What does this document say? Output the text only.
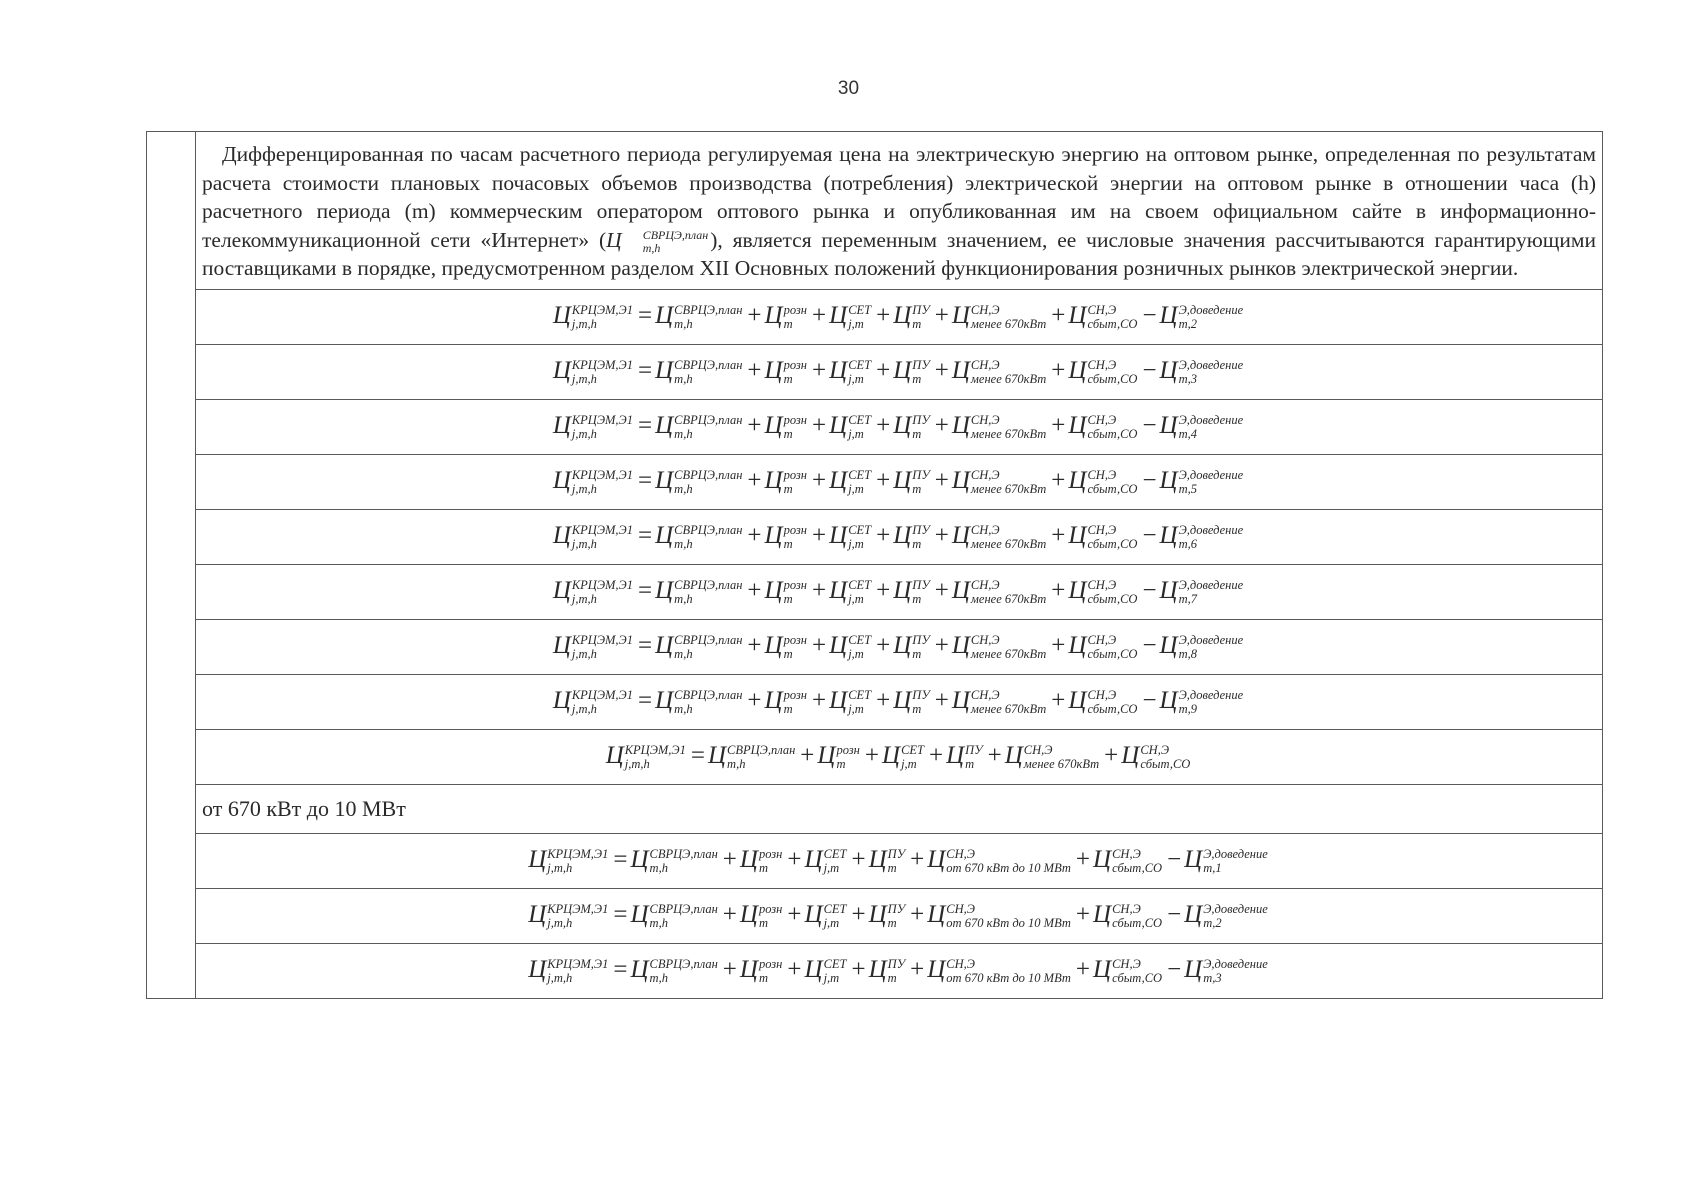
30

Дифференцированная по часам расчетного периода регулируемая цена на электрическую энергию на оптовом рынке, определенная по результатам расчета стоимости плановых почасовых объемов производства (потребления) электрической энергии на оптовом рынке в отношении часа (h) расчетного периода (m) коммерческим оператором оптового рынка и опубликованная им на своем официальном сайте в информационно-телекоммуникационной сети «Интернет» (Ц	СВРЦЭ,план
m,h	), является переменным значением, ее числовые значения рассчитываются гарантирующими поставщиками в порядке, предусмотренном разделом XII Основных положений функционирования розничных рынков электрической энергии.

Ц КРЦЭМ,Э1
j,m,h	= Ц СВРЦЭ,план
m,h	+ Ц розн
m + Ц СЕТ
j,m + Ц ПУ
m + Ц СН,Э
менее 670кВт + Ц СН,Э
сбыт,СО − Ц Э,доведение
m,2

Ц КРЦЭМ,Э1
j,m,h	= Ц СВРЦЭ,план
m,h	+ Ц розн
m + Ц СЕТ
j,m + Ц ПУ
m + Ц СН,Э
менее 670кВт + Ц СН,Э
сбыт,СО − Ц Э,доведение
m,3

Ц КРЦЭМ,Э1
j,m,h	= Ц СВРЦЭ,план
m,h	+ Ц розн
m + Ц СЕТ
j,m + Ц ПУ
m + Ц СН,Э
менее 670кВт + Ц СН,Э
сбыт,СО − Ц Э,доведение
m,4

Ц КРЦЭМ,Э1
j,m,h	= Ц СВРЦЭ,план
m,h	+ Ц розн
m + Ц СЕТ
j,m + Ц ПУ
m + Ц СН,Э
менее 670кВт + Ц СН,Э
сбыт,СО − Ц Э,доведение
m,5

Ц КРЦЭМ,Э1
j,m,h	= Ц СВРЦЭ,план
m,h	+ Ц розн
m + Ц СЕТ
j,m + Ц ПУ
m + Ц СН,Э
менее 670кВт + Ц СН,Э
сбыт,СО − Ц Э,доведение
m,6

Ц КРЦЭМ,Э1
j,m,h	= Ц СВРЦЭ,план
m,h	+ Ц розн
m + Ц СЕТ
j,m + Ц ПУ
m + Ц СН,Э
менее 670кВт + Ц СН,Э
сбыт,СО − Ц Э,доведение
m,7

Ц КРЦЭМ,Э1
j,m,h	= Ц СВРЦЭ,план
m,h	+ Ц розн
m + Ц СЕТ
j,m + Ц ПУ
m + Ц СН,Э
менее 670кВт + Ц СН,Э
сбыт,СО − Ц Э,доведение
m,8

Ц КРЦЭМ,Э1
j,m,h	= Ц СВРЦЭ,план
m,h	+ Ц розн
m + Ц СЕТ
j,m + Ц ПУ
m + Ц СН,Э
менее 670кВт + Ц СН,Э
сбыт,СО − Ц Э,доведение
m,9

Ц КРЦЭМ,Э1
j,m,h	= Ц СВРЦЭ,план
m,h	+ Ц розн
m + Ц СЕТ
j,m + Ц ПУ
m + Ц СН,Э
менее 670кВт + Ц СН,Э
сбыт,СО

от 670 кВт до 10 МВт
Ц КРЦЭМ,Э1
j,m,h	= Ц СВРЦЭ,план
m,h	+ Ц розн
m + Ц СЕТ
j,m + Ц ПУ
m + Ц СН,Э
от 670 кВт до 10 МВт + Ц СН,Э
сбыт,СО − Ц Э,доведение
m,1

Ц КРЦЭМ,Э1
j,m,h	= Ц СВРЦЭ,план
m,h	+ Ц розн
m + Ц СЕТ
j,m + Ц ПУ
m + Ц СН,Э
от 670 кВт до 10 МВт + Ц СН,Э
сбыт,СО − Ц Э,доведение
m,2

Ц КРЦЭМ,Э1
j,m,h	= Ц СВРЦЭ,план
m,h	+ Ц розн
m + Ц СЕТ
j,m + Ц ПУ
m + Ц СН,Э
от 670 кВт до 10 МВт + Ц СН,Э
сбыт,СО − Ц Э,доведение
m,3
